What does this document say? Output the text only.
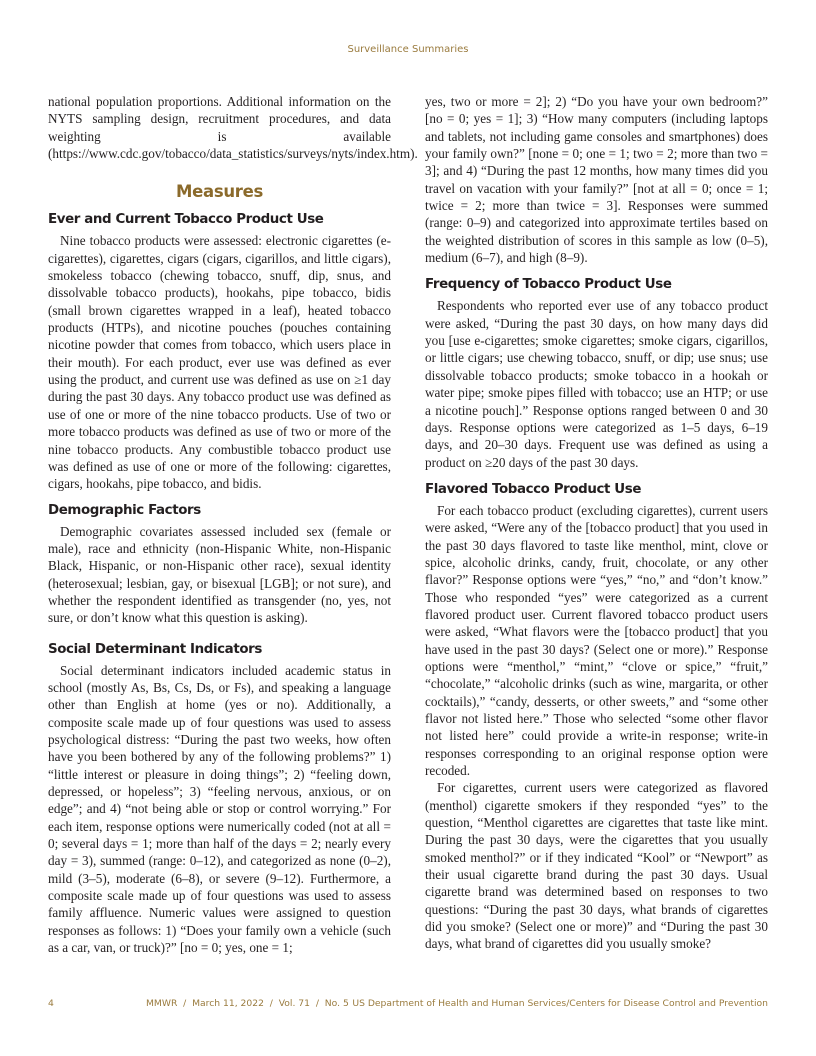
Surveillance Summaries

national population proportions. Additional information on the NYTS sampling design, recruitment procedures, and data weighting is available (https://www.cdc.gov/tobacco/data_statistics/surveys/nyts/index.htm).

Measures
Ever and Current Tobacco Product Use

Nine tobacco products were assessed: electronic cigarettes (e-cigarettes), cigarettes, cigars (cigars, cigarillos, and little cigars), smokeless tobacco (chewing tobacco, snuff, dip, snus, and dissolvable tobacco products), hookahs, pipe tobacco, bidis (small brown cigarettes wrapped in a leaf), heated tobacco products (HTPs), and nicotine pouches (pouches containing nicotine powder that comes from tobacco, which users place in their mouth). For each product, ever use was defined as ever using the product, and current use was defined as use on ≥1 day during the past 30 days. Any tobacco product use was defined as use of one or more of the nine tobacco products. Use of two or more tobacco products was defined as use of two or more of the nine tobacco products. Any combustible tobacco product use was defined as use of one or more of the following: cigarettes, cigars, hookahs, pipe tobacco, and bidis.

Demographic Factors

Demographic covariates assessed included sex (female or male), race and ethnicity (non-Hispanic White, non-Hispanic Black, Hispanic, or non-Hispanic other race), sexual identity (heterosexual; lesbian, gay, or bisexual [LGB]; or not sure), and whether the respondent identified as transgender (no, yes, not sure, or don’t know what this question is asking).

Social Determinant Indicators

Social determinant indicators included academic status in school (mostly As, Bs, Cs, Ds, or Fs), and speaking a language other than English at home (yes or no). Additionally, a composite scale made up of four questions was used to assess psychological distress: “During the past two weeks, how often have you been bothered by any of the following problems?” 1) “little interest or pleasure in doing things”; 2) “feeling down, depressed, or hopeless”; 3) “feeling nervous, anxious, or on edge”; and 4) “not being able or stop or control worrying.” For each item, response options were numerically coded (not at all = 0; several days = 1; more than half of the days = 2; nearly every day = 3), summed (range: 0–12), and categorized as none (0–2), mild (3–5), moderate (6–8), or severe (9–12). Furthermore, a composite scale made up of four questions was used to assess family affluence. Numeric values were assigned to question responses as follows: 1) “Does your family own a vehicle (such as a car, van, or truck)?” [no = 0; yes, one = 1;

yes, two or more = 2]; 2) “Do you have your own bedroom?” [no = 0; yes = 1]; 3) “How many computers (including laptops and tablets, not including game consoles and smartphones) does your family own?” [none = 0; one = 1; two = 2; more than two = 3]; and 4) “During the past 12 months, how many times did you travel on vacation with your family?” [not at all = 0; once = 1; twice = 2; more than twice = 3]. Responses were summed (range: 0–9) and categorized into approximate tertiles based on the weighted distribution of scores in this sample as low (0–5), medium (6–7), and high (8–9).

Frequency of Tobacco Product Use

Respondents who reported ever use of any tobacco product were asked, “During the past 30 days, on how many days did you [use e-cigarettes; smoke cigarettes; smoke cigars, cigarillos, or little cigars; use chewing tobacco, snuff, or dip; use snus; use dissolvable tobacco products; smoke tobacco in a hookah or water pipe; smoke pipes filled with tobacco; use an HTP; or use a nicotine pouch].” Response options ranged between 0 and 30 days. Response options were categorized as 1–5 days, 6–19 days, and 20–30 days. Frequent use was defined as using a product on ≥20 days of the past 30 days.

Flavored Tobacco Product Use

For each tobacco product (excluding cigarettes), current users were asked, “Were any of the [tobacco product] that you used in the past 30 days flavored to taste like menthol, mint, clove or spice, alcoholic drinks, candy, fruit, chocolate, or any other flavor?” Response options were “yes,” “no,” and “don’t know.” Those who responded “yes” were categorized as a current flavored product user. Current flavored tobacco product users were asked, “What flavors were the [tobacco product] that you have used in the past 30 days? (Select one or more).” Response options were “menthol,” “mint,” “clove or spice,” “fruit,” “chocolate,” “alcoholic drinks (such as wine, margarita, or other cocktails),” “candy, desserts, or other sweets,” and “some other flavor not listed here.” Those who selected “some other flavor not listed here” could provide a write-in response; write-in responses corresponding to an original response option were recoded.

For cigarettes, current users were categorized as flavored (menthol) cigarette smokers if they responded “yes” to the question, “Menthol cigarettes are cigarettes that taste like mint. During the past 30 days, were the cigarettes that you usually smoked menthol?” or if they indicated “Kool” or “Newport” as their usual cigarette brand during the past 30 days. Usual cigarette brand was determined based on responses to two questions: “During the past 30 days, what brands of cigarettes did you smoke? (Select one or more)” and “During the past 30 days, what brand of cigarettes did you usually smoke?

4	MMWR  /  March 11, 2022  /  Vol. 71  /  No. 5 US Department of Health and Human Services/Centers for Disease Control and Prevention
